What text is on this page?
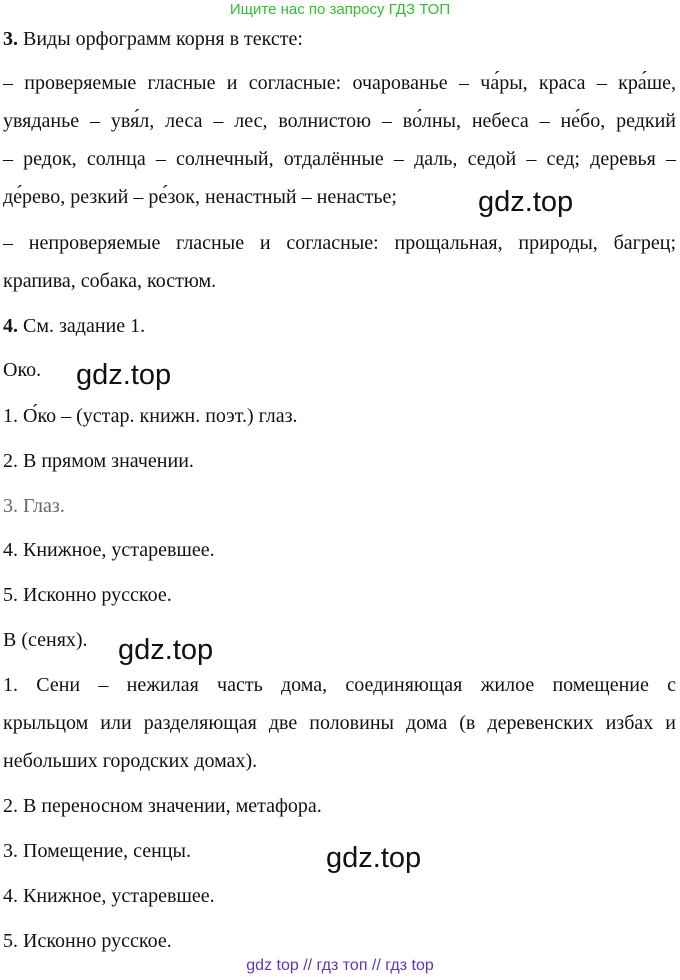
Ищите нас по запросу ГДЗ ТОП
3. Виды орфограмм корня в тексте:
– проверяемые гласные и согласные: очарованье – ча́ры, краса – кра́ше,
увяданье – увя́л, леса – лес, волнистою – во́лны, небеса – не́бо, редкий
– редок, солнца – солнечный, отдалённые – даль, седой – сед; деревья –
де́рево, резкий – ре́зок, ненастный – ненастье;
– непроверяемые гласные и согласные: прощальная, природы, багрец;
крапива, собака, костюм.
4. См. задание 1.
Око.
1. О́ко – (устар. книжн. поэт.) глаз.
2. В прямом значении.
3. Глаз.
4. Книжное, устаревшее.
5. Исконно русское.
В (сенях).
1. Сени – нежилая часть дома, соединяющая жилое помещение с
крыльцом или разделяющая две половины дома (в деревенских избах и
небольших городских домах).
2. В переносном значении, метафора.
3. Помещение, сенцы.
4. Книжное, устаревшее.
5. Исконно русское.
gdz.top
gdz.top
gdz.top
gdz.top
gdz top // гдз топ // гдз top
